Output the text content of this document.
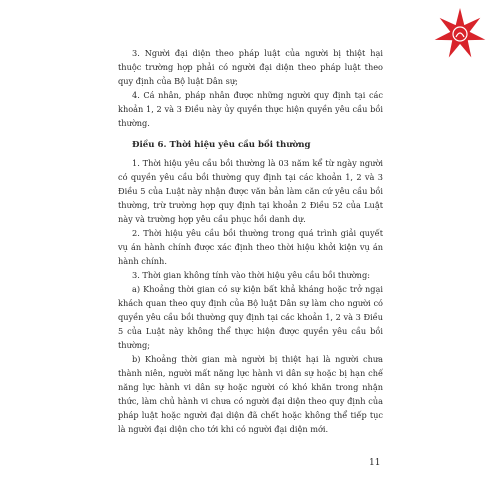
3. Người đại diện theo pháp luật của người bị thiệt hại thuộc trường hợp phải có người đại diện theo pháp luật theo quy định của Bộ luật Dân sự;

4. Cá nhân, pháp nhân được những người quy định tại các khoản 1, 2 và 3 Điều này ủy quyền thực hiện quyền yêu cầu bồi thường.

Điều 6. Thời hiệu yêu cầu bồi thường

1. Thời hiệu yêu cầu bồi thường là 03 năm kể từ ngày người có quyền yêu cầu bồi thường quy định tại các khoản 1, 2 và 3 Điều 5 của Luật này nhận được văn bản làm căn cứ yêu cầu bồi thường, trừ trường hợp quy định tại khoản 2 Điều 52 của Luật này và trường hợp yêu cầu phục hồi danh dự.

2. Thời hiệu yêu cầu bồi thường trong quá trình giải quyết vụ án hành chính được xác định theo thời hiệu khởi kiện vụ án hành chính.

3. Thời gian không tính vào thời hiệu yêu cầu bồi thường:

a) Khoảng thời gian có sự kiện bất khả kháng hoặc trở ngại khách quan theo quy định của Bộ luật Dân sự làm cho người có quyền yêu cầu bồi thường quy định tại các khoản 1, 2 và 3 Điều 5 của Luật này không thể thực hiện được quyền yêu cầu bồi thường;

b) Khoảng thời gian mà người bị thiệt hại là người chưa thành niên, người mất năng lực hành vi dân sự hoặc bị hạn chế năng lực hành vi dân sự hoặc người có khó khăn trong nhận thức, làm chủ hành vi chưa có người đại diện theo quy định của pháp luật hoặc người đại diện đã chết hoặc không thể tiếp tục là người đại diện cho tới khi có người đại diện mới.

11
